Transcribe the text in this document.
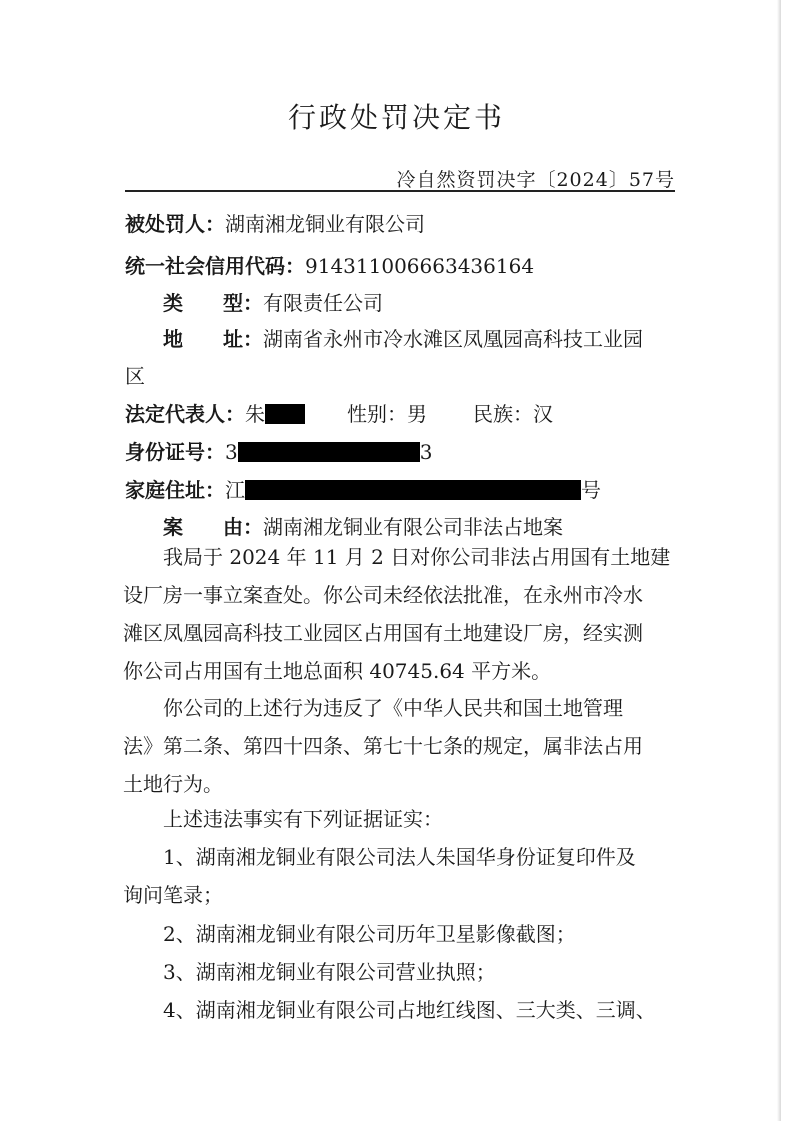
行政处罚决定书
冷自然资罚决字〔2024〕57号
被处罚人：湖南湘龙铜业有限公司
统一社会信用代码：914311006663436164
类　　型：有限责任公司
地　　址：湖南省永州市冷水滩区凤凰园高科技工业园
区
法定代表人：朱	性别：男 民族：汉
身份证号：3	3
家庭住址：江	号
案　　由：湖南湘龙铜业有限公司非法占地案
　　我局于 2024 年 11 月 2 日对你公司非法占用国有土地建
设厂房一事立案查处。你公司未经依法批准，在永州市冷水
滩区凤凰园高科技工业园区占用国有土地建设厂房，经实测
你公司占用国有土地总面积 40745.64 平方米。
　　你公司的上述行为违反了《中华人民共和国土地管理
法》第二条、第四十四条、第七十七条的规定，属非法占用
土地行为。
　　上述违法事实有下列证据证实：
　　1、湖南湘龙铜业有限公司法人朱国华身份证复印件及
询问笔录；
　　2、湖南湘龙铜业有限公司历年卫星影像截图；
　　3、湖南湘龙铜业有限公司营业执照；
　　4、湖南湘龙铜业有限公司占地红线图、三大类、三调、
